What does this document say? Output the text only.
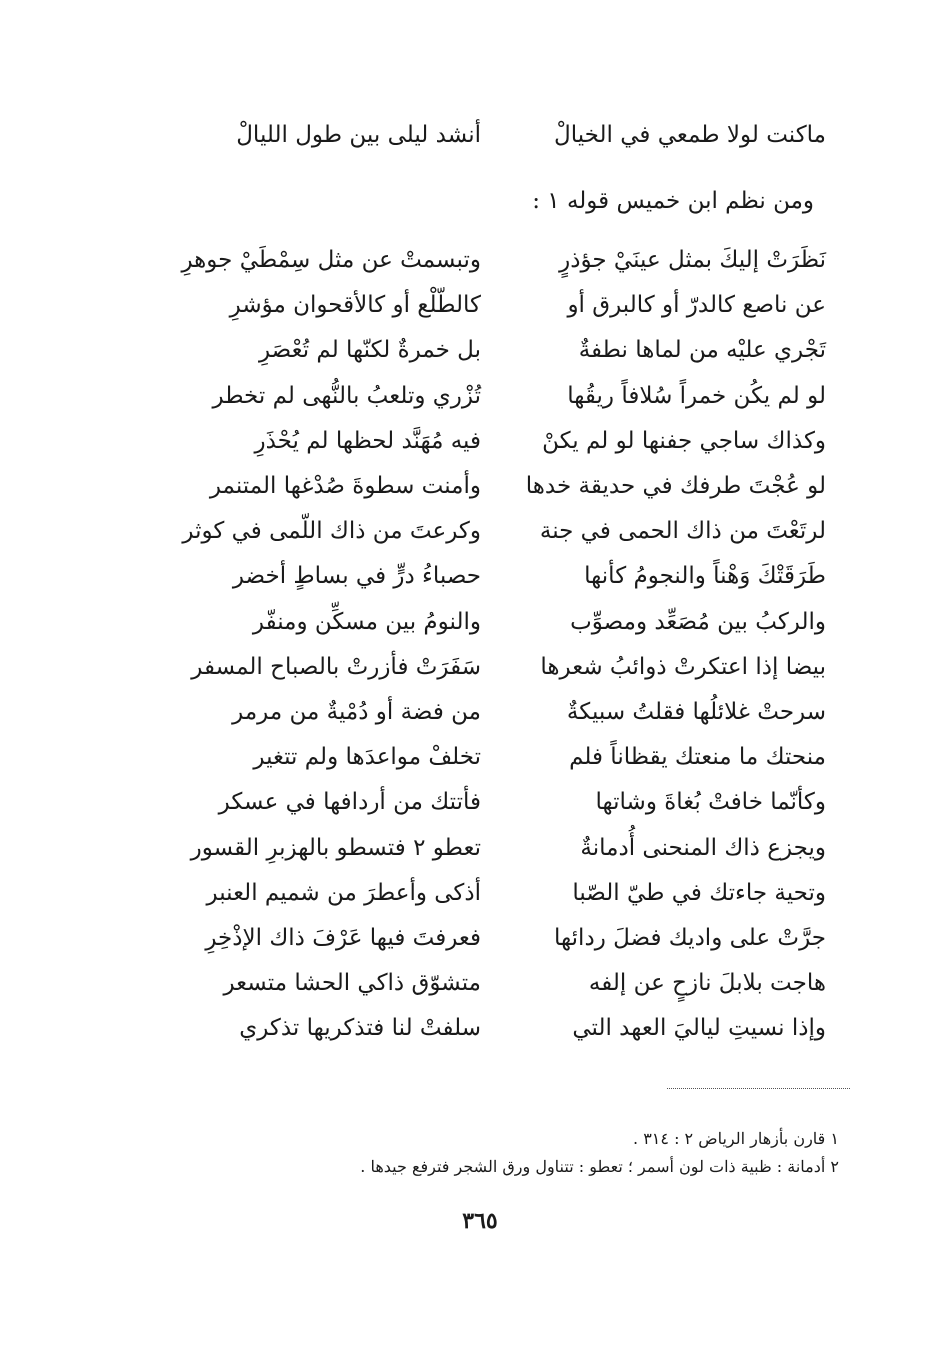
ماكنت لولا طمعي في الخيالْ
أنشد ليلى بين طول الليالْ
ومن نظم ابن خميس قوله ١ :
نَظَرَتْ إليكَ بمثل عينَيْ جؤذرٍ
وتبسمتْ عن مثل سِمْطَيْ جوهرِ
عن ناصع كالدرّ أو كالبرق أو
كالطّلْع أو كالأقحوان مؤشرِ
تَجْري عليْه من لماها نطفةٌ
بل خمرةٌ لكنّها لم تُعْصَرِ
لو لم يكُن خمراً سُلافاً ريقُها
تُزْري وتلعبُ بالنُّهى لم تخطر
وكذاك ساجي جفنها لو لم يكنْ
فيه مُهَنَّد لحظها لم يُحْذَرِ
لو عُجْتَ طرفك في حديقة خدها
وأمنت سطوةَ صُدْغها المتنمر
لرتَعْتَ من ذاك الحمى في جنة
وكرعتَ من ذاك اللّمى في كوثر
طَرَقَتْكَ وَهْناً والنجومُ كأنها
حصباءُ درٍّ في بساطٍ أخضر
والركبُ بين مُصَعِّد ومصوِّب
والنومُ بين مسكِّن ومنفّر
بيضا إذا اعتكرتْ ذوائبُ شعرها
سَفَرَتْ فأزرتْ بالصباح المسفر
سرحتْ غلائلُها فقلتُ سبيكةٌ
من فضة أو دُمْيةٌ من مرمر
منحتك ما منعتك يقظاناً فلم
تخلفْ مواعدَها ولم تتغير
وكأنّما خافتْ بُغاةَ وشاتها
فأتتك من أردافها في عسكر
ويجزع ذاك المنحنى أُدمانةٌ
تعطو ٢ فتسطو بالهزبرِ القسور
وتحية جاءتك في طيّ الصّبا
أذكى وأعطرَ من شميم العنبر
جرَّتْ على واديك فضلَ ردائها
فعرفتَ فيها عَرْفَ ذاك الإذْخِرِ
هاجت بلابلَ نازحٍ عن إلفه
متشوّق ذاكي الحشا متسعر
وإذا نسيتِ لياليَ العهد التي
سلفتْ لنا فتذكريها تذكري
١ قارن بأزهار الرياض ٢ : ٣١٤ .
٢ أدمانة : ظبية ذات لون أسمر ؛ تعطو : تتناول ورق الشجر فترفع جيدها .
٣٦٥
